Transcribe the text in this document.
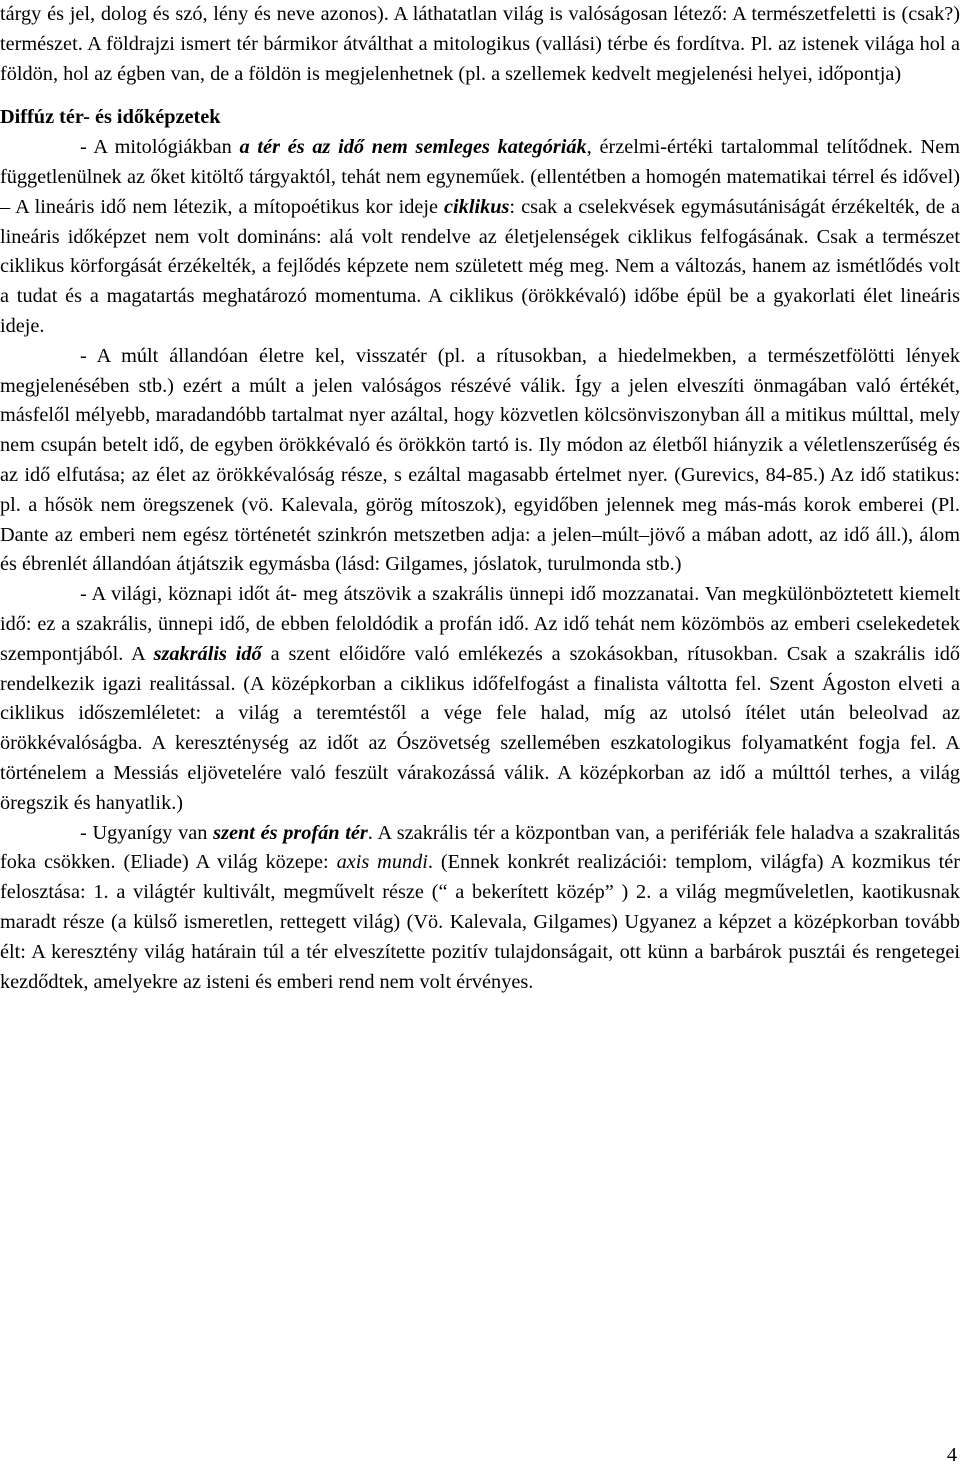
tárgy és jel, dolog és szó, lény és neve azonos). A láthatatlan világ is valóságosan létező: A természetfeletti is (csak?) természet. A földrajzi ismert tér bármikor átválthat a mitologikus (vallási) térbe és fordítva. Pl. az istenek világa hol a földön, hol az égben van, de a földön is megjelenhetnek (pl. a szellemek kedvelt megjelenési helyei, időpontja)

Diffúz tér- és időképzetek

- A mitológiákban a tér és az idő nem semleges kategóriák, érzelmi-értéki tartalommal telítődnek. Nem függetlenülnek az őket kitöltő tárgyaktól, tehát nem egyneműek. (ellentétben a homogén matematikai térrel és idővel) – A lineáris idő nem létezik, a mítopoétikus kor ideje ciklikus: csak a cselekvések egymásutániságát érzékelték, de a lineáris időképzet nem volt domináns: alá volt rendelve az életjelenségek ciklikus felfogásának. Csak a természet ciklikus körforgását érzékelték, a fejlődés képzete nem született még meg. Nem a változás, hanem az ismétlődés volt a tudat és a magatartás meghatározó momentuma. A ciklikus (örökkévaló) időbe épül be a gyakorlati élet lineáris ideje.

- A múlt állandóan életre kel, visszatér (pl. a rítusokban, a hiedelmekben, a természetfölötti lények megjelenésében stb.) ezért a múlt a jelen valóságos részévé válik. Így a jelen elveszíti önmagában való értékét, másfelől mélyebb, maradandóbb tartalmat nyer azáltal, hogy közvetlen kölcsönviszonyban áll a mitikus múlttal, mely nem csupán betelt idő, de egyben örökkévaló és örökkön tartó is. Ily módon az életből hiányzik a véletlenszerűség és az idő elfutása; az élet az örökkévalóság része, s ezáltal magasabb értelmet nyer. (Gurevics, 84-85.) Az idő statikus: pl. a hősök nem öregszenek (vö. Kalevala, görög mítoszok), egyidőben jelennek meg más-más korok emberei (Pl. Dante az emberi nem egész történetét szinkrón metszetben adja: a jelen–múlt–jövő a mában adott, az idő áll.), álom és ébrenlét állandóan átjátszik egymásba (lásd: Gilgames, jóslatok, turulmonda stb.)

- A világi, köznapi időt át- meg átszövik a szakrális ünnepi idő mozzanatai. Van megkülönböztetett kiemelt idő: ez a szakrális, ünnepi idő, de ebben feloldódik a profán idő. Az idő tehát nem közömbös az emberi cselekedetek szempontjából. A szakrális idő a szent előidőre való emlékezés a szokásokban, rítusokban. Csak a szakrális idő rendelkezik igazi realitással. (A középkorban a ciklikus időfelfogást a finalista váltotta fel. Szent Ágoston elveti a ciklikus időszemléletet: a világ a teremtéstől a vége fele halad, míg az utolsó ítélet után beleolvad az örökkévalóságba. A kereszténység az időt az Ószövetség szellemében eszkatologikus folyamatként fogja fel. A történelem a Messiás eljövetelére való feszült várakozássá válik. A középkorban az idő a múlttól terhes, a világ öregszik és hanyatlik.)

- Ugyanígy van szent és profán tér. A szakrális tér a központban van, a perifériák fele haladva a szakralitás foka csökken. (Eliade) A világ közepe: axis mundi. (Ennek konkrét realizációi: templom, világfa) A kozmikus tér felosztása: 1. a világtér kultivált, megművelt része (“ a bekerített közép” ) 2. a világ megműveletlen, kaotikusnak maradt része (a külső ismeretlen, rettegett világ) (Vö. Kalevala, Gilgames) Ugyanez a képzet a középkorban tovább élt: A keresztény világ határain túl a tér elveszítette pozitív tulajdonságait, ott künn a barbárok pusztái és rengetegei kezdődtek, amelyekre az isteni és emberi rend nem volt érvényes.

4
